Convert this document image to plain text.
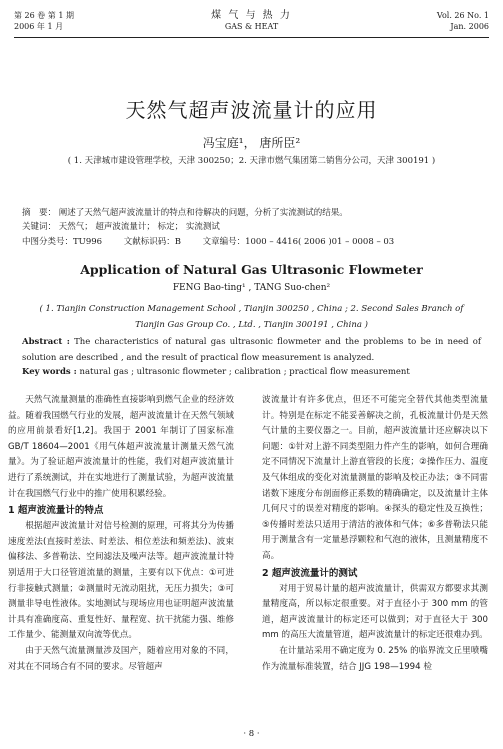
第 26 卷 第 1 期
2006 年 1 月
煤 气 与 热 力
GAS & HEAT
Vol. 26 No. 1
Jan. 2006
天然气超声波流量计的应用
冯宝庭¹， 唐所臣²
( 1. 天津城市建设管理学校，天津 300250；2. 天津市燃气集团第二销售分公司，天津 300191 )
摘　要： 阐述了天然气超声波流量计的特点和待解决的问题，分析了实流测试的结果。
关键词： 天然气； 超声波流量计； 标定； 实流测试
中图分类号：TU996	文献标识码：B	文章编号：1000 – 4416( 2006 )01 – 0008 – 03
Application of Natural Gas Ultrasonic Flowmeter
FENG Bao-ting¹ , TANG Suo-chen²
( 1. Tianjin Construction Management School , Tianjin 300250 , China ; 2. Second Sales Branch of Tianjin Gas Group Co. , Ltd. , Tianjin 300191 , China )
Abstract : The characteristics of natural gas ultrasonic flowmeter and the problems to be in need of solution are described , and the result of practical flow measurement is analyzed.
Key words : natural gas ; ultrasonic flowmeter ; calibration ; practical flow measurement

天然气流量测量的准确性直接影响到燃气企业的经济效益。随着我国燃气行业的发展，超声波流量计在天然气领域的应用前景看好[1,2]。我国于 2001 年制订了国家标准 GB/T 18604—2001《用气体超声波流量计测量天然气流量》。为了验证超声波流量计的性能，我们对超声波流量计进行了系统测试，并在实地进行了测量试验，为超声波流量计在我国燃气行业中的推广使用积累经验。

1 超声波流量计的特点

根据超声波流量计对信号检测的原理，可将其分为传播速度差法(直接时差法、时差法、相位差法和频差法)、波束偏移法、多普勒法、空间滤法及噪声法等。超声波流量计特别适用于大口径管道流量的测量，主要有以下优点：①可进行非接触式测量；②测量时无流动阻扰，无压力损失；③可测量非导电性液体。实地测试与现场应用也证明超声波流量计具有准确度高、重复性好、量程宽、抗干扰能力强、维修工作量少、能测量双向流等优点。

由于天然气流量测量涉及国产，随着应用对象的不同，对其在不同场合有不同的要求。尽管超声

波流量计有许多优点，但还不可能完全替代其他类型流量计。特别是在标定不能妥善解决之前，孔板流量计仍是天然气计量的主要仪器之一。目前，超声波流量计还应解决以下问题：①针对上游不同类型阻力件产生的影响，如何合理确定不同情况下流量计上游直管段的长度；②操作压力、温度及气体组成的变化对流量测量的影响及校正办法；③不同雷诺数下速度分布剖面修正系数的精确确定，以及流量计主体几何尺寸的误差对精度的影响。④探头的稳定性及互换性；⑤传播时差法只适用于清洁的液体和气体；⑥多普勒法只能用于测量含有一定量悬浮颗粒和气泡的液体，且测量精度不高。

2 超声波流量计的测试

对用于贸易计量的超声波流量计，供需双方都要求其测量精度高，所以标定很重要。对于直径小于 300 mm 的管道，超声波流量计的标定还可以做到；对于直径大于 300 mm 的高压大流量管道，超声波流量计的标定还很难办到。

在计量站采用不确定度为 0. 25% 的临界流文丘里喷嘴作为流量标准装置，结合 JJG 198—1994 检

· 8 ·
